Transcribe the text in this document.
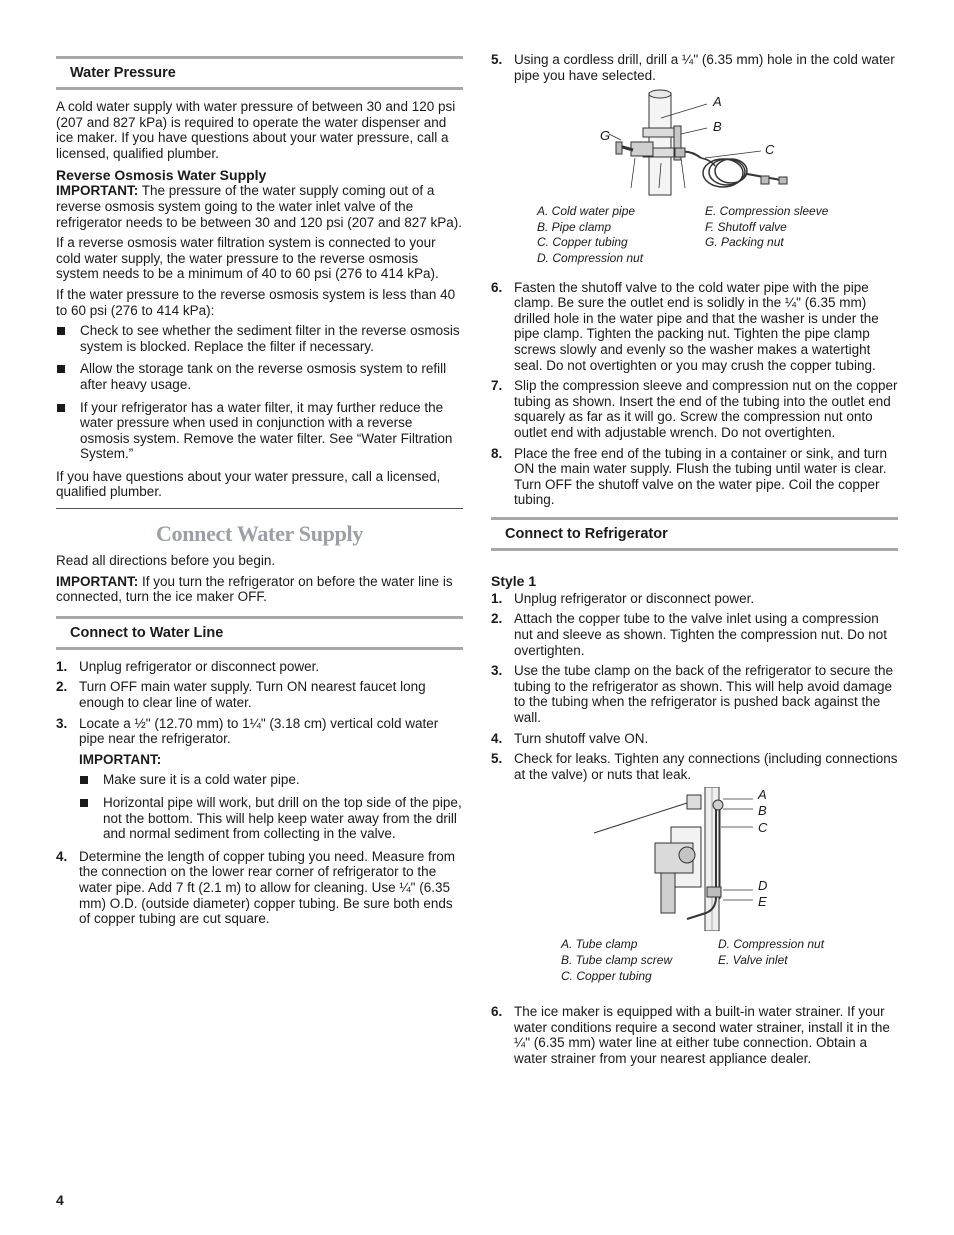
Water Pressure

A cold water supply with water pressure of between 30 and 120 psi (207 and 827 kPa) is required to operate the water dispenser and ice maker. If you have questions about your water pressure, call a licensed, qualified plumber.

Reverse Osmosis Water Supply

IMPORTANT: The pressure of the water supply coming out of a reverse osmosis system going to the water inlet valve of the refrigerator needs to be between 30 and 120 psi (207 and 827 kPa).

If a reverse osmosis water filtration system is connected to your cold water supply, the water pressure to the reverse osmosis system needs to be a minimum of 40 to 60 psi (276 to 414 kPa).

If the water pressure to the reverse osmosis system is less than 40 to 60 psi (276 to 414 kPa):

Check to see whether the sediment filter in the reverse osmosis system is blocked. Replace the filter if necessary.
Allow the storage tank on the reverse osmosis system to refill after heavy usage.
If your refrigerator has a water filter, it may further reduce the water pressure when used in conjunction with a reverse osmosis system. Remove the water filter. See “Water Filtration System.”

If you have questions about your water pressure, call a licensed, qualified plumber.

Connect Water Supply

Read all directions before you begin.

IMPORTANT: If you turn the refrigerator on before the water line is connected, turn the ice maker OFF.

Connect to Water Line
1. Unplug refrigerator or disconnect power.
2. Turn OFF main water supply. Turn ON nearest faucet long enough to clear line of water.
3. Locate a ½" (12.70 mm) to 1¼" (3.18 cm) vertical cold water pipe near the refrigerator.
IMPORTANT:
Make sure it is a cold water pipe.
Horizontal pipe will work, but drill on the top side of the pipe, not the bottom. This will help keep water away from the drill and normal sediment from collecting in the valve.
4. Determine the length of copper tubing you need. Measure from the connection on the lower rear corner of refrigerator to the water pipe. Add 7 ft (2.1 m) to allow for cleaning. Use ¼" (6.35 mm) O.D. (outside diameter) copper tubing. Be sure both ends of copper tubing are cut square.
5. Using a cordless drill, drill a ¼" (6.35 mm) hole in the cold water pipe you have selected.
A
B
C
G
A. Cold water pipe
B. Pipe clamp
C. Copper tubing
D. Compression nut
E. Compression sleeve
F. Shutoff valve
G. Packing nut
6. Fasten the shutoff valve to the cold water pipe with the pipe clamp. Be sure the outlet end is solidly in the ¼" (6.35 mm) drilled hole in the water pipe and that the washer is under the pipe clamp. Tighten the packing nut. Tighten the pipe clamp screws slowly and evenly so the washer makes a watertight seal. Do not overtighten or you may crush the copper tubing.
7. Slip the compression sleeve and compression nut on the copper tubing as shown. Insert the end of the tubing into the outlet end squarely as far as it will go. Screw the compression nut onto outlet end with adjustable wrench. Do not overtighten.
8. Place the free end of the tubing in a container or sink, and turn ON the main water supply. Flush the tubing until water is clear. Turn OFF the shutoff valve on the water pipe. Coil the copper tubing.
Connect to Refrigerator

Style 1

1. Unplug refrigerator or disconnect power.
2. Attach the copper tube to the valve inlet using a compression nut and sleeve as shown. Tighten the compression nut. Do not overtighten.
3. Use the tube clamp on the back of the refrigerator to secure the tubing to the refrigerator as shown. This will help avoid damage to the tubing when the refrigerator is pushed back against the wall.
4. Turn shutoff valve ON.
5. Check for leaks. Tighten any connections (including connections at the valve) or nuts that leak.
A
B
C
D
E
A. Tube clamp
B. Tube clamp screw
C. Copper tubing
D. Compression nut
E. Valve inlet
6. The ice maker is equipped with a built-in water strainer. If your water conditions require a second water strainer, install it in the ¼" (6.35 mm) water line at either tube connection. Obtain a water strainer from your nearest appliance dealer.
4
